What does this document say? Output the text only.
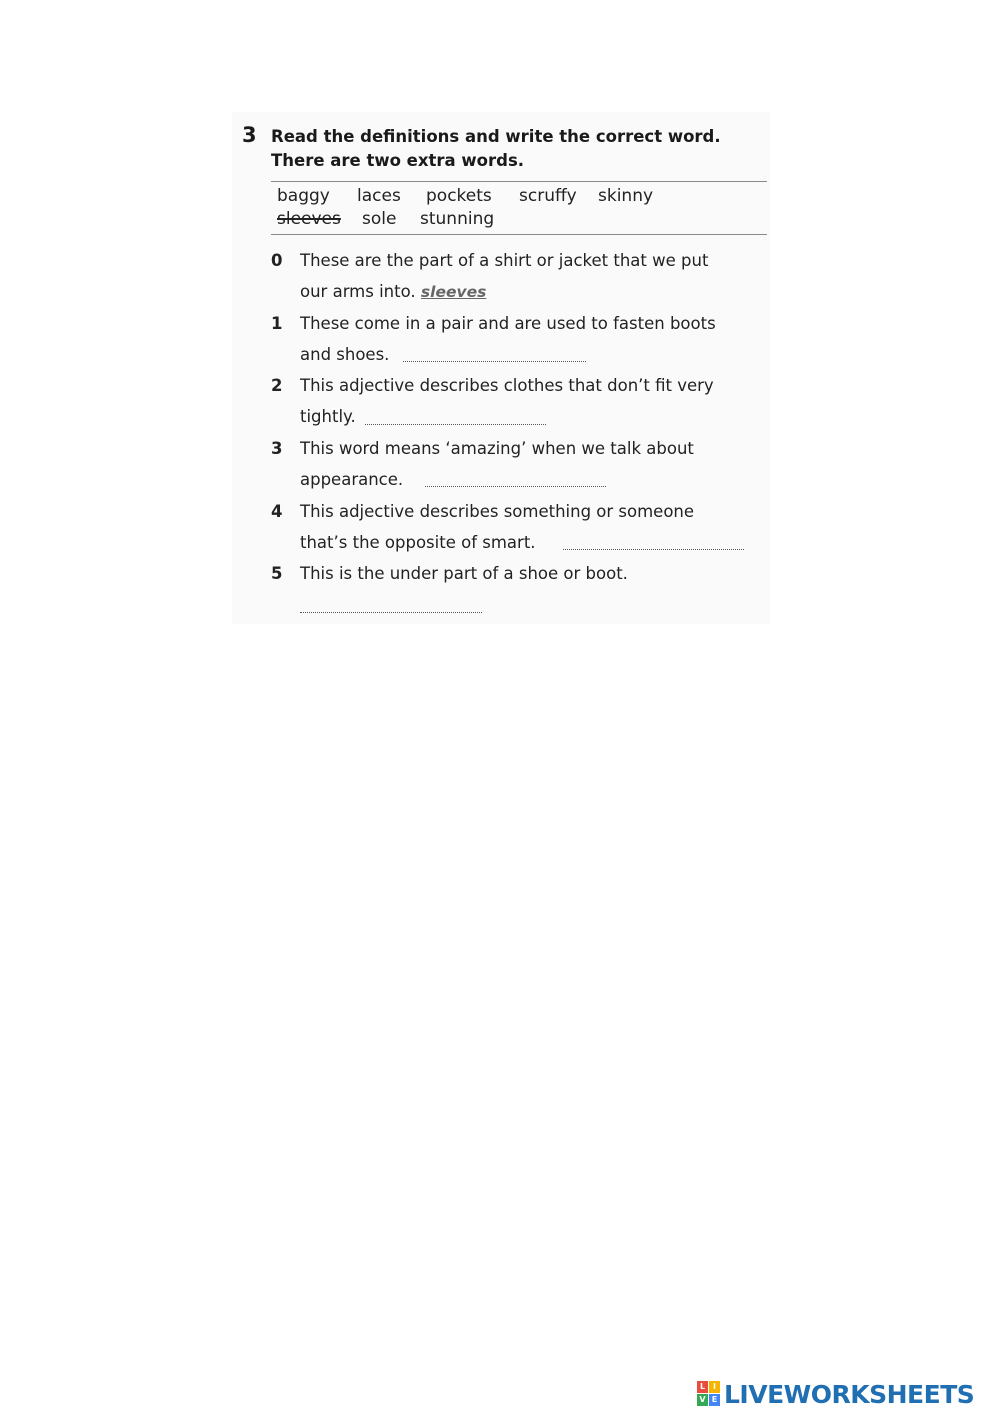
3 Read the definitions and write the correct word.
There are two extra words.
baggy laces pockets scruffy skinny
sleeves sole stunning
0 These are the part of a shirt or jacket that we put
our arms into. sleeves
1 These come in a pair and are used to fasten boots
and shoes.
2 This adjective describes clothes that don’t fit very
tightly.
3 This word means ‘amazing’ when we talk about
appearance.
4 This adjective describes something or someone
that’s the opposite of smart.
5 This is the under part of a shoe or boot.
L I
V E LIVEWORKSHEETS
